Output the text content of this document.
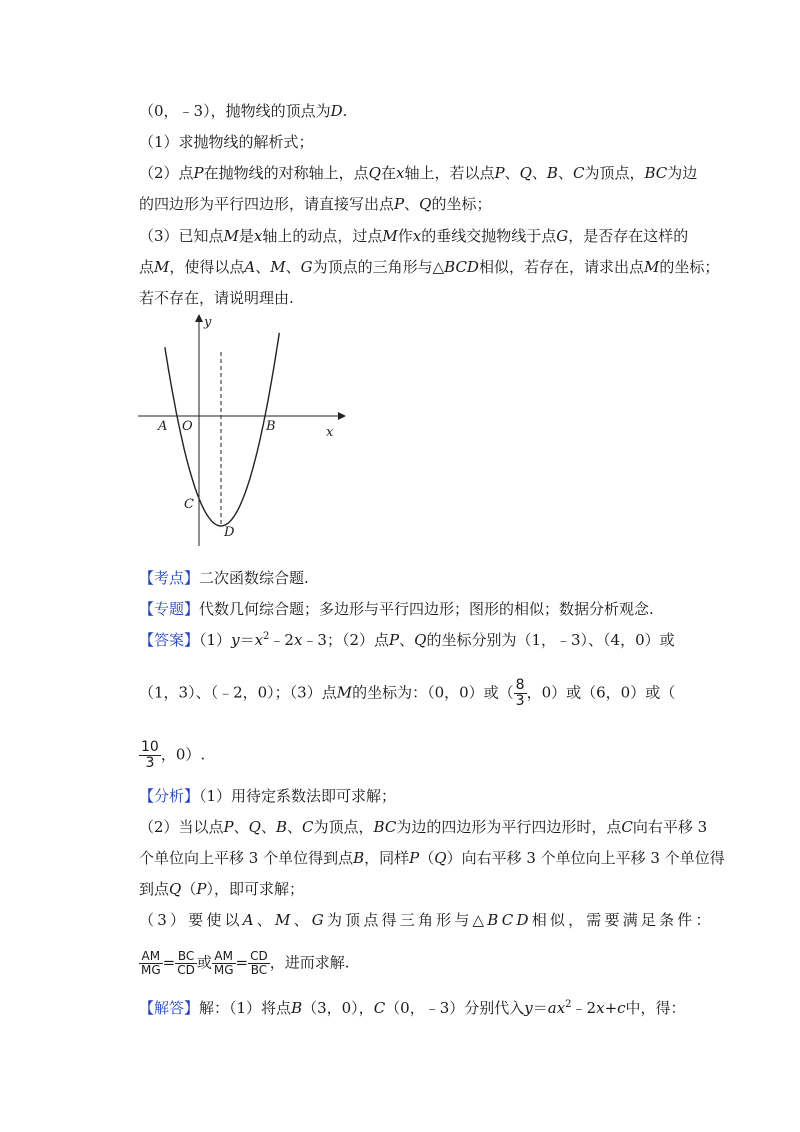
（0，﹣3），抛物线的顶点为D.
（1）求抛物线的解析式；
（2）点P在抛物线的对称轴上，点Q在x轴上，若以点P、Q、B、C为顶点，BC为边
的四边形为平行四边形，请直接写出点P、Q的坐标；
（3）已知点M是x轴上的动点，过点M作x的垂线交抛物线于点G，是否存在这样的
点M，使得以点A、M、G为顶点的三角形与△BCD相似，若存在，请求出点M的坐标；
若不存在，请说明理由.
y
x
A O	B
C
D
【考点】二次函数综合题.
【专题】代数几何综合题；多边形与平行四边形；图形的相似；数据分析观念.
【答案】$(1)y=x^2﹣2x﹣3$；（2）点P、Q的坐标分别为（1，﹣3）、（4，0）或
（1，3）、（﹣2，0）；（3）点M的坐标为：（0，0）或（ $\frac{8}{3}$ ，0）或（6，0）或（
$\frac{10}{3}$ ，0）.
【分析】（1）用待定系数法即可求解；
（2）当以点P、Q、B、C为顶点，BC为边的四边形为平行四边形时，点C向右平移 3
个单位向上平移 3 个单位得到点B，同样P（Q）向右平移 3 个单位向上平移 3 个单位得
到点Q（P），即可求解；
（3）要使以A、M、G为顶点得三角形与△BCD相似，需要满足条件：
$\frac{AM}{MG} = \frac{BC}{CD}$ 或 $\frac{AM}{MG} = \frac{CD}{BC}$ ，进而求解.
【解答】解：（1）将点B（3，0），C（0，﹣3）分别代入$y=ax^2﹣2x+c$中，得：
